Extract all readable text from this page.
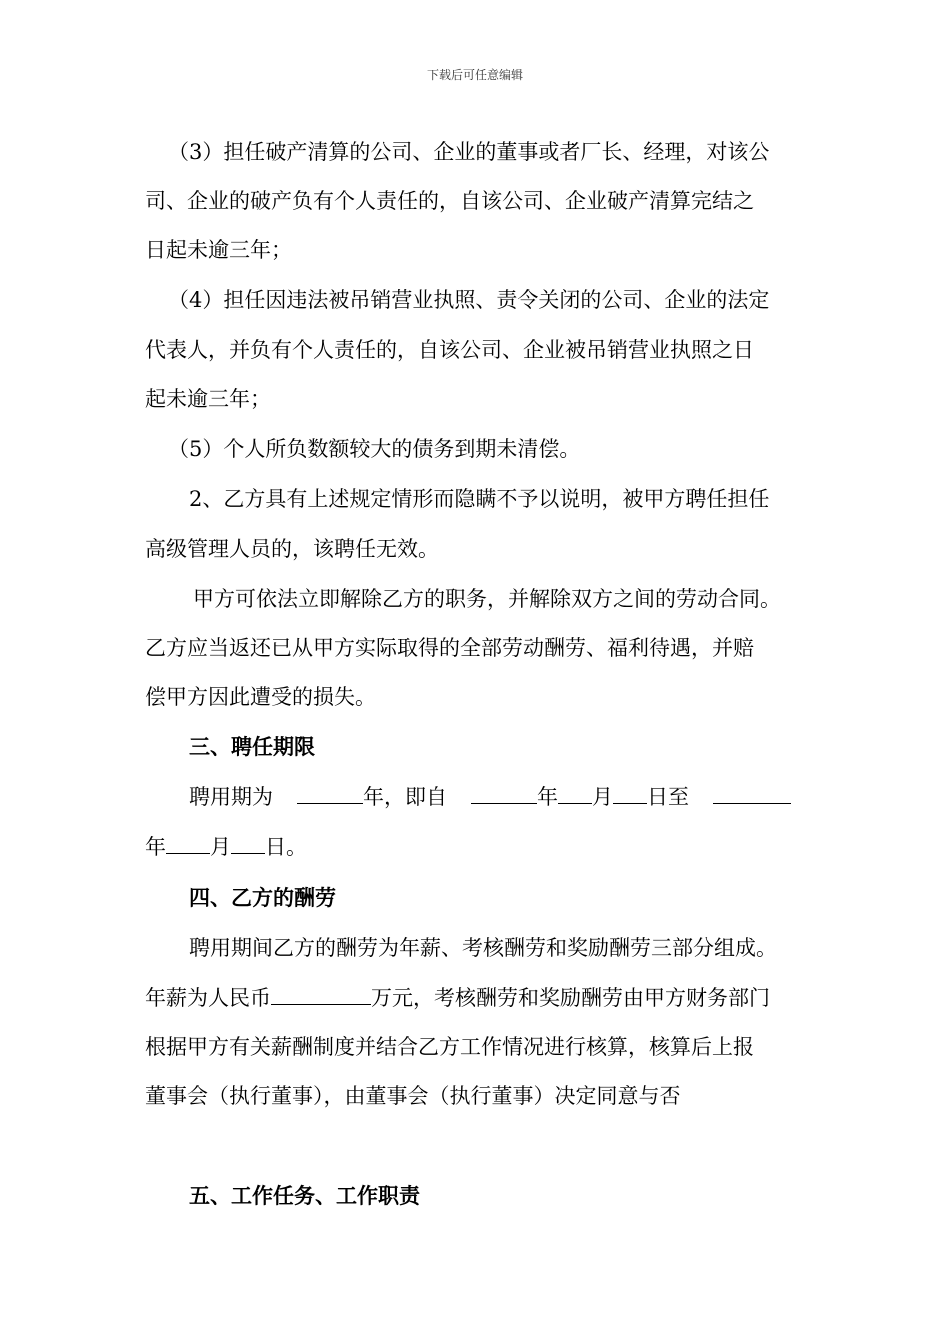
下载后可任意编辑
（3）担任破产清算的公司、企业的董事或者厂长、经理，对该公
司、企业的破产负有个人责任的，自该公司、企业破产清算完结之
日起未逾三年；
（4）担任因违法被吊销营业执照、责令关闭的公司、企业的法定
代表人，并负有个人责任的，自该公司、企业被吊销营业执照之日
起未逾三年；
（5）个人所负数额较大的债务到期未清偿。
2、乙方具有上述规定情形而隐瞒不予以说明，被甲方聘任担任
高级管理人员的，该聘任无效。
甲方可依法立即解除乙方的职务，并解除双方之间的劳动合同。
乙方应当返还已从甲方实际取得的全部劳动酬劳、福利待遇，并赔
偿甲方因此遭受的损失。
三、聘任期限
聘用期为	年，即自	年 月 日至
年 月 日。
四、乙方的酬劳
聘用期间乙方的酬劳为年薪、考核酬劳和奖励酬劳三部分组成。
年薪为人民币	万元，考核酬劳和奖励酬劳由甲方财务部门
根据甲方有关薪酬制度并结合乙方工作情况进行核算，核算后上报
董事会（执行董事），由董事会（执行董事）决定同意与否
五、工作任务、工作职责
